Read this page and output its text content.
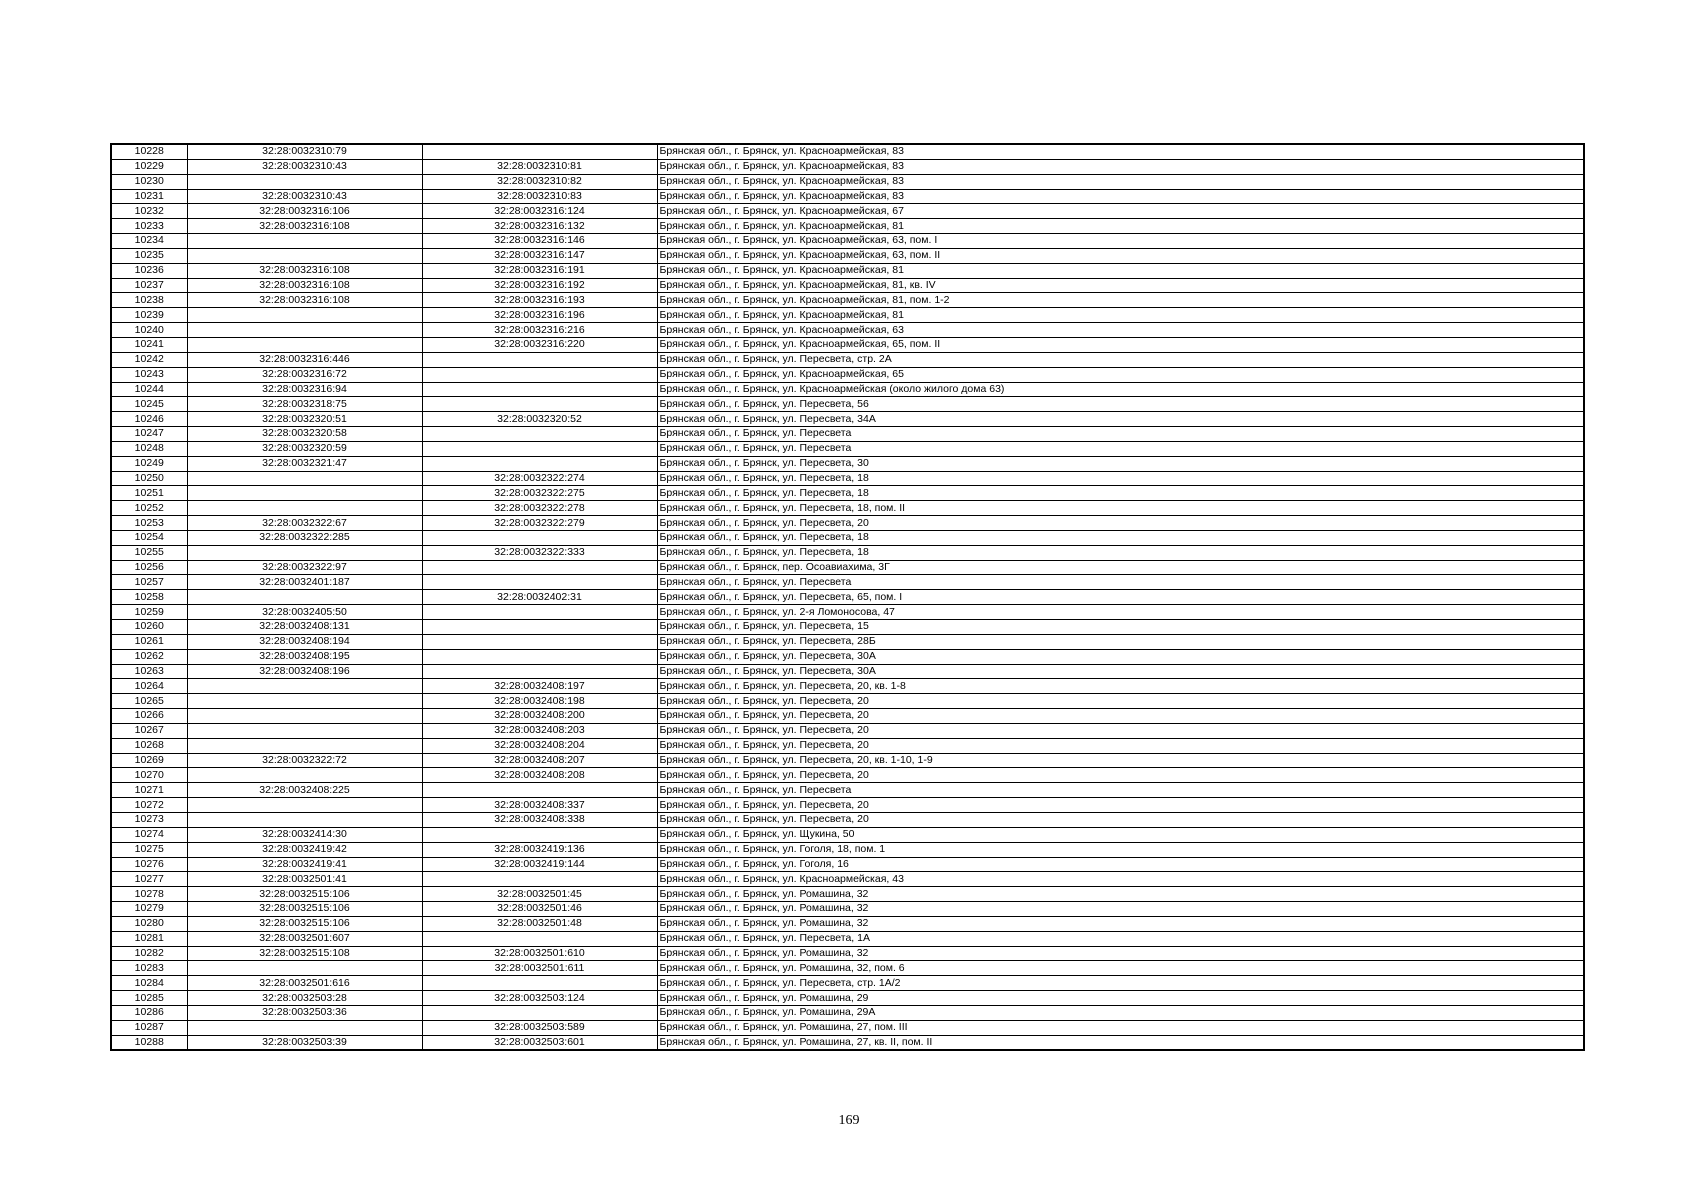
10228	32:28:0032310:79		Брянская обл., г. Брянск, ул. Красноармейская, 83
10229	32:28:0032310:43	32:28:0032310:81	Брянская обл., г. Брянск, ул. Красноармейская, 83
10230		32:28:0032310:82	Брянская обл., г. Брянск, ул. Красноармейская, 83
10231	32:28:0032310:43	32:28:0032310:83	Брянская обл., г. Брянск, ул. Красноармейская, 83
10232	32:28:0032316:106	32:28:0032316:124	Брянская обл., г. Брянск, ул. Красноармейская, 67
10233	32:28:0032316:108	32:28:0032316:132	Брянская обл., г. Брянск, ул. Красноармейская, 81
10234		32:28:0032316:146	Брянская обл., г. Брянск, ул. Красноармейская, 63, пом. I
10235		32:28:0032316:147	Брянская обл., г. Брянск, ул. Красноармейская, 63, пом. II
10236	32:28:0032316:108	32:28:0032316:191	Брянская обл., г. Брянск, ул. Красноармейская, 81
10237	32:28:0032316:108	32:28:0032316:192	Брянская обл., г. Брянск, ул. Красноармейская, 81, кв. IV
10238	32:28:0032316:108	32:28:0032316:193	Брянская обл., г. Брянск, ул. Красноармейская, 81, пом. 1-2
10239		32:28:0032316:196	Брянская обл., г. Брянск, ул. Красноармейская, 81
10240		32:28:0032316:216	Брянская обл., г. Брянск, ул. Красноармейская, 63
10241		32:28:0032316:220	Брянская обл., г. Брянск, ул. Красноармейская, 65, пом. II
10242	32:28:0032316:446		Брянская обл., г. Брянск, ул. Пересвета, стр. 2А
10243	32:28:0032316:72		Брянская обл., г. Брянск, ул. Красноармейская, 65
10244	32:28:0032316:94		Брянская обл., г. Брянск, ул. Красноармейская (около жилого дома 63)
10245	32:28:0032318:75		Брянская обл., г. Брянск, ул. Пересвета, 56
10246	32:28:0032320:51	32:28:0032320:52	Брянская обл., г. Брянск, ул. Пересвета, 34А
10247	32:28:0032320:58		Брянская обл., г. Брянск, ул. Пересвета
10248	32:28:0032320:59		Брянская обл., г. Брянск, ул. Пересвета
10249	32:28:0032321:47		Брянская обл., г. Брянск, ул. Пересвета, 30
10250		32:28:0032322:274	Брянская обл., г. Брянск, ул. Пересвета, 18
10251		32:28:0032322:275	Брянская обл., г. Брянск, ул. Пересвета, 18
10252		32:28:0032322:278	Брянская обл., г. Брянск, ул. Пересвета, 18, пом. II
10253	32:28:0032322:67	32:28:0032322:279	Брянская обл., г. Брянск, ул. Пересвета, 20
10254	32:28:0032322:285		Брянская обл., г. Брянск, ул. Пересвета, 18
10255		32:28:0032322:333	Брянская обл., г. Брянск, ул. Пересвета, 18
10256	32:28:0032322:97		Брянская обл., г. Брянск, пер. Осоавиахима, 3Г
10257	32:28:0032401:187		Брянская обл., г. Брянск, ул. Пересвета
10258		32:28:0032402:31	Брянская обл., г. Брянск, ул. Пересвета, 65, пом. I
10259	32:28:0032405:50		Брянская обл., г. Брянск, ул. 2-я Ломоносова, 47
10260	32:28:0032408:131		Брянская обл., г. Брянск, ул. Пересвета, 15
10261	32:28:0032408:194		Брянская обл., г. Брянск, ул. Пересвета, 28Б
10262	32:28:0032408:195		Брянская обл., г. Брянск, ул. Пересвета, 30А
10263	32:28:0032408:196		Брянская обл., г. Брянск, ул. Пересвета, 30А
10264		32:28:0032408:197	Брянская обл., г. Брянск, ул. Пересвета, 20, кв. 1-8
10265		32:28:0032408:198	Брянская обл., г. Брянск, ул. Пересвета, 20
10266		32:28:0032408:200	Брянская обл., г. Брянск, ул. Пересвета, 20
10267		32:28:0032408:203	Брянская обл., г. Брянск, ул. Пересвета, 20
10268		32:28:0032408:204	Брянская обл., г. Брянск, ул. Пересвета, 20
10269	32:28:0032322:72	32:28:0032408:207	Брянская обл., г. Брянск, ул. Пересвета, 20, кв. 1-10, 1-9
10270		32:28:0032408:208	Брянская обл., г. Брянск, ул. Пересвета, 20
10271	32:28:0032408:225		Брянская обл., г. Брянск, ул. Пересвета
10272		32:28:0032408:337	Брянская обл., г. Брянск, ул. Пересвета, 20
10273		32:28:0032408:338	Брянская обл., г. Брянск, ул. Пересвета, 20
10274	32:28:0032414:30		Брянская обл., г. Брянск, ул. Щукина, 50
10275	32:28:0032419:42	32:28:0032419:136	Брянская обл., г. Брянск, ул. Гоголя, 18, пом. 1
10276	32:28:0032419:41	32:28:0032419:144	Брянская обл., г. Брянск, ул. Гоголя, 16
10277	32:28:0032501:41		Брянская обл., г. Брянск, ул. Красноармейская, 43
10278	32:28:0032515:106	32:28:0032501:45	Брянская обл., г. Брянск, ул. Ромашина, 32
10279	32:28:0032515:106	32:28:0032501:46	Брянская обл., г. Брянск, ул. Ромашина, 32
10280	32:28:0032515:106	32:28:0032501:48	Брянская обл., г. Брянск, ул. Ромашина, 32
10281	32:28:0032501:607		Брянская обл., г. Брянск, ул. Пересвета, 1А
10282	32:28:0032515:108	32:28:0032501:610	Брянская обл., г. Брянск, ул. Ромашина, 32
10283		32:28:0032501:611	Брянская обл., г. Брянск, ул. Ромашина, 32, пом. 6
10284	32:28:0032501:616		Брянская обл., г. Брянск, ул. Пересвета, стр. 1А/2
10285	32:28:0032503:28	32:28:0032503:124	Брянская обл., г. Брянск, ул. Ромашина, 29
10286	32:28:0032503:36		Брянская обл., г. Брянск, ул. Ромашина, 29А
10287		32:28:0032503:589	Брянская обл., г. Брянск, ул. Ромашина, 27, пом. III
10288	32:28:0032503:39	32:28:0032503:601	Брянская обл., г. Брянск, ул. Ромашина, 27, кв. II, пом. II
169
